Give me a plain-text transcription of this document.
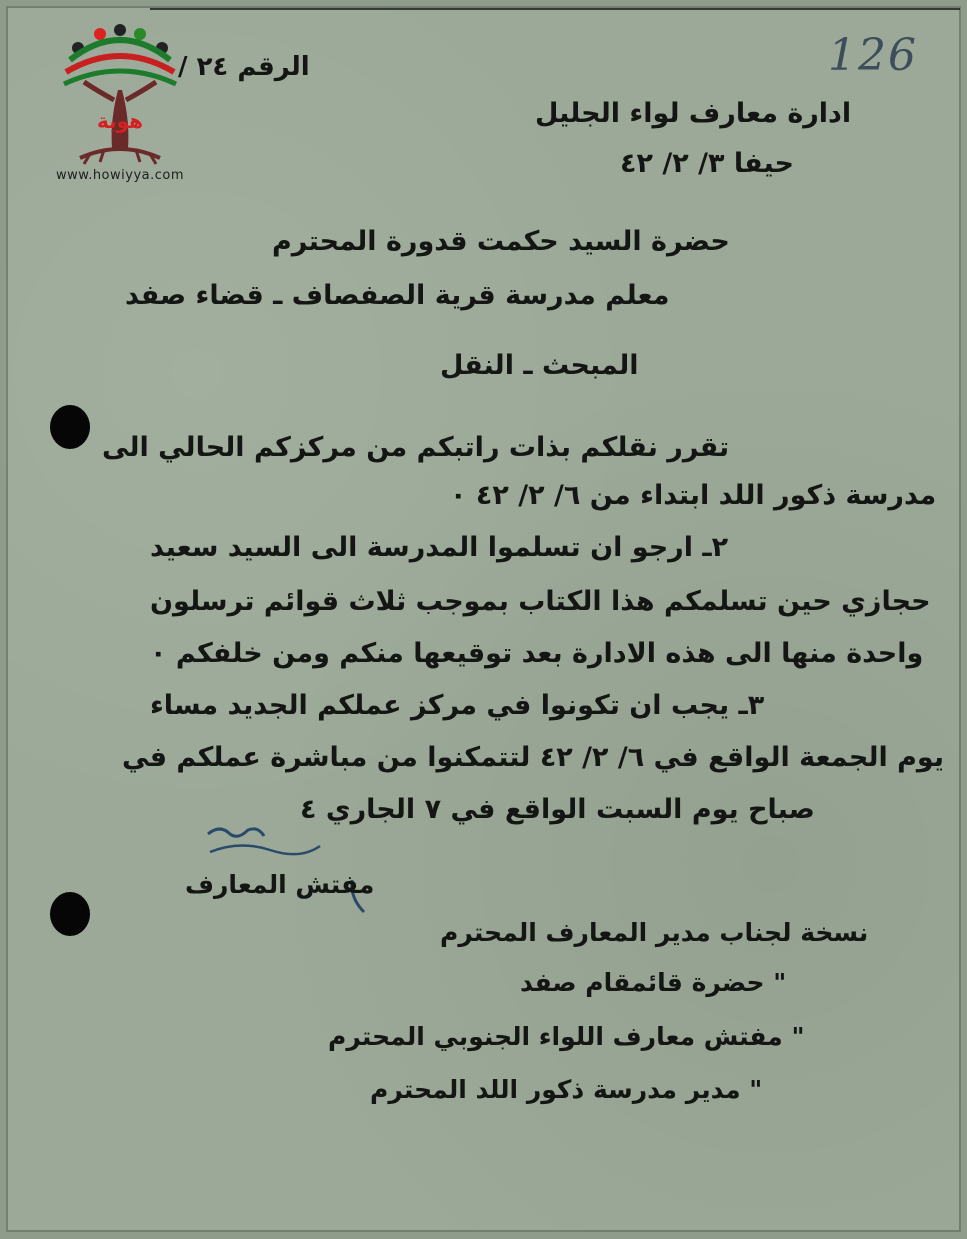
هوية
www.howiyya.com
الرقم ٢٤ /	126
ادارة معارف لواء الجليل
حيفا ٣/ ٢/ ٤٢
حضرة السيد حكمت قدورة المحترم
معلم مدرسة قرية الصفصاف ـ قضاء صفد
المبحث ـ النقل
تقرر نقلكم بذات راتبكم من مركزكم الحالي الى
مدرسة ذكور اللد ابتداء من ٦/ ٢/ ٤٢ ٠
٢ـ ارجو ان تسلموا المدرسة الى السيد سعيد
حجازي حين تسلمكم هذا الكتاب بموجب ثلاث قوائم ترسلون
واحدة منها الى هذه الادارة بعد توقيعها منكم ومن خلفكم ٠
٣ـ يجب ان تكونوا في مركز عملكم الجديد مساء
يوم الجمعة الواقع في ٦/ ٢/ ٤٢ لتتمكنوا من مباشرة عملكم في
صباح يوم السبت الواقع في ٧ الجاري ٤
مفتش المعارف
نسخة لجناب مدير المعارف المحترم
" حضرة قائمقام صفد
" مفتش معارف اللواء الجنوبي المحترم
" مدير مدرسة ذكور اللد المحترم
